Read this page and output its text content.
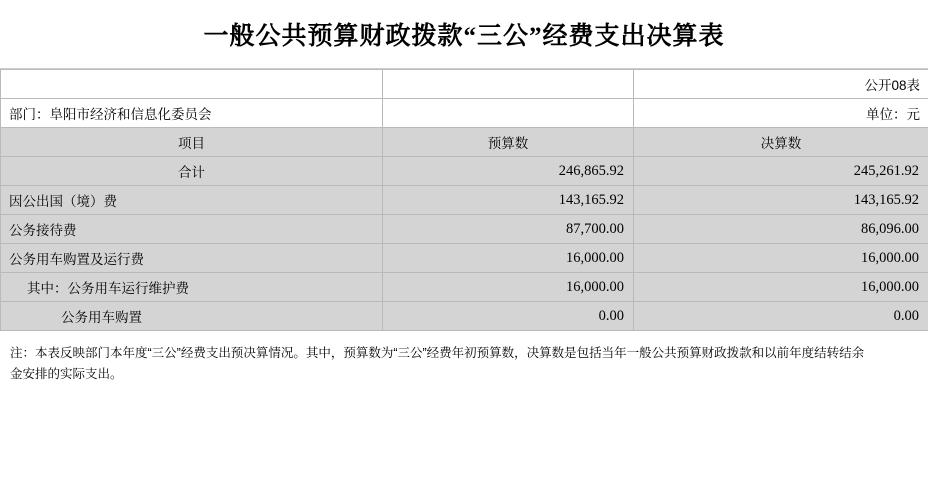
一般公共预算财政拨款“三公”经费支出决算表
		公开08表
部门：阜阳市经济和信息化委员会		单位：元
项目	预算数	决算数
合计	246,865.92	245,261.92
因公出国（境）费	143,165.92	143,165.92
公务接待费	87,700.00	86,096.00
公务用车购置及运行费	16,000.00	16,000.00
其中：公务用车运行维护费	16,000.00	16,000.00
公务用车购置	0.00	0.00
注：本表反映部门本年度“三公”经费支出预决算情况。其中，预算数为“三公”经费年初预算数，决算数是包括当年一般公共预算财政拨款和以前年度结转结余
金安排的实际支出。
